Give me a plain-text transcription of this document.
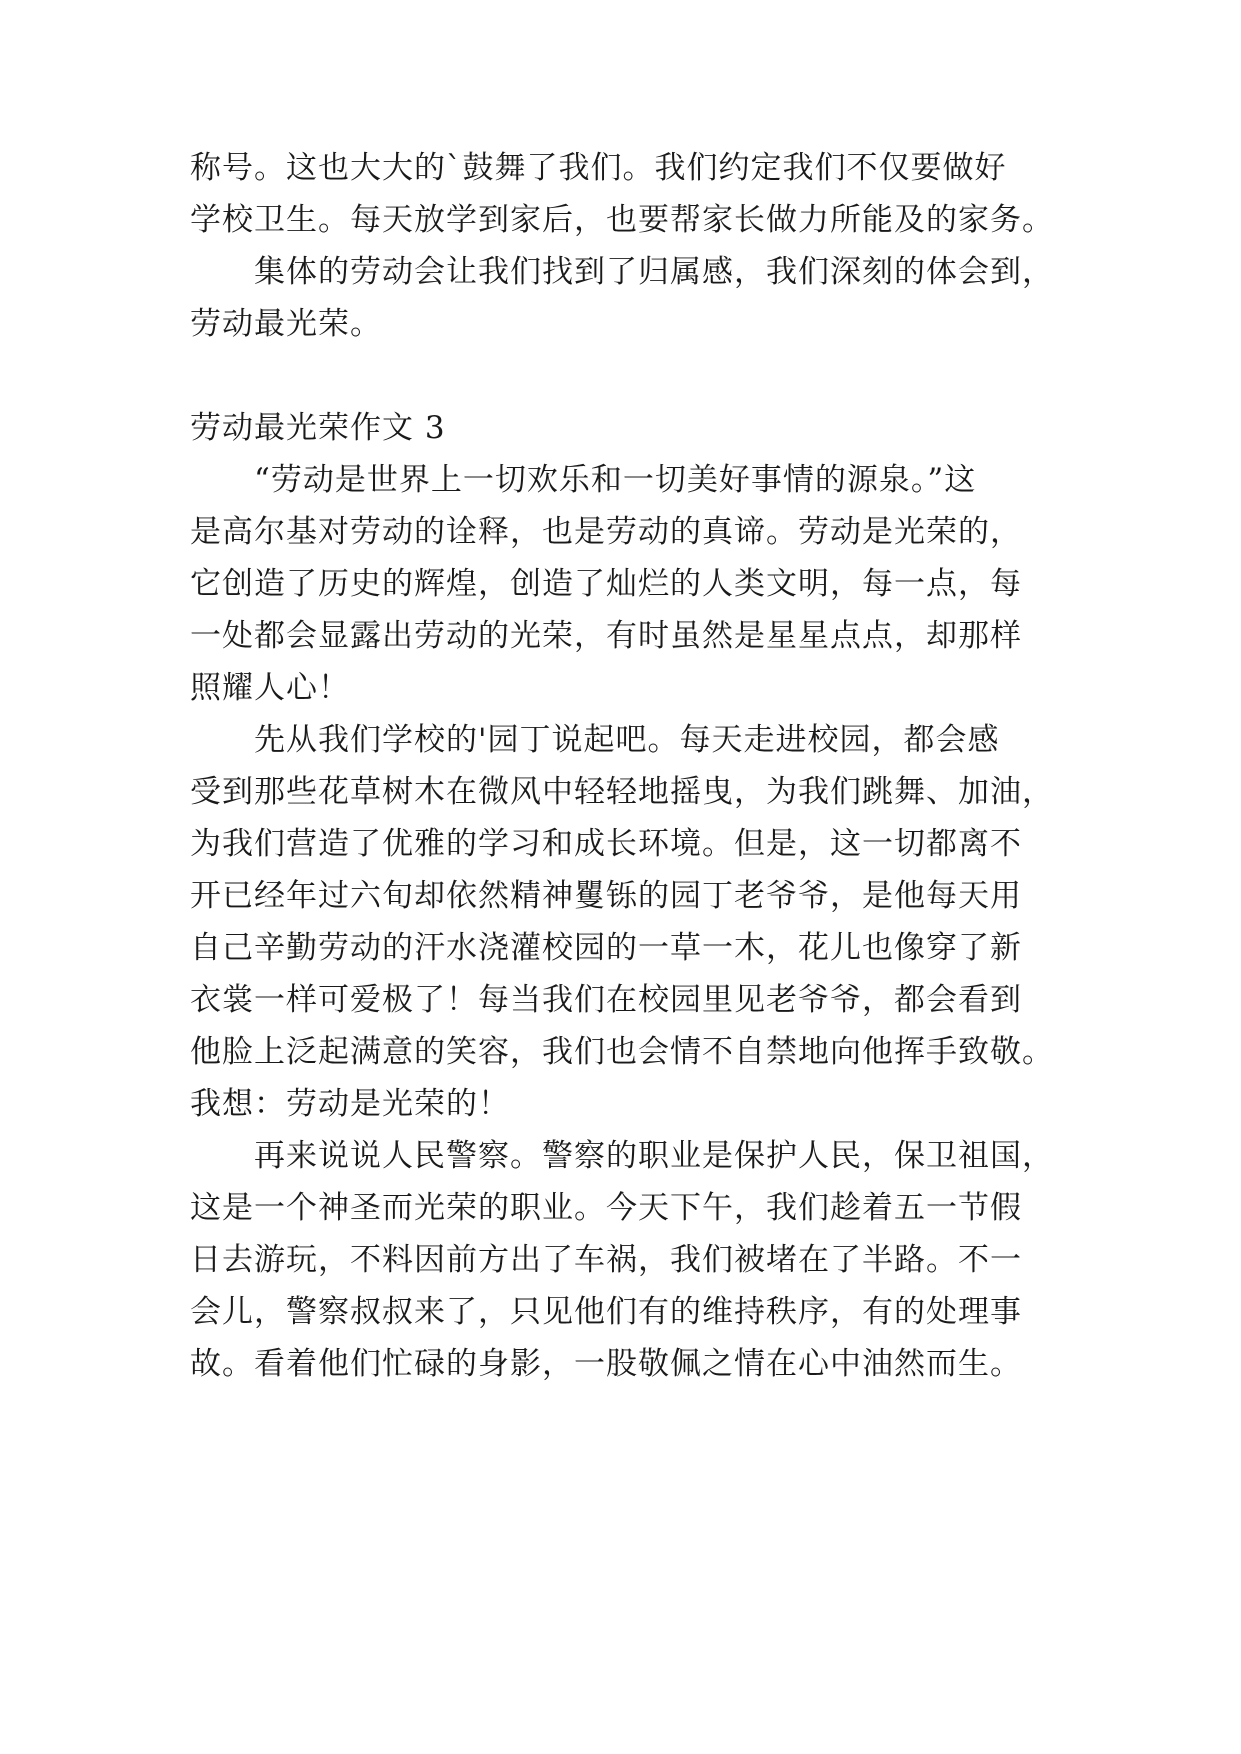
称号。这也大大的`鼓舞了我们。我们约定我们不仅要做好
学校卫生。每天放学到家后，也要帮家长做力所能及的家务。
集体的劳动会让我们找到了归属感，我们深刻的体会到，
劳动最光荣。
劳动最光荣作文 3
“劳动是世界上一切欢乐和一切美好事情的源泉。”这
是高尔基对劳动的诠释，也是劳动的真谛。劳动是光荣的，
它创造了历史的辉煌，创造了灿烂的人类文明，每一点，每
一处都会显露出劳动的光荣，有时虽然是星星点点，却那样
照耀人心！
先从我们学校的'园丁说起吧。每天走进校园，都会感
受到那些花草树木在微风中轻轻地摇曳，为我们跳舞、加油，
为我们营造了优雅的学习和成长环境。但是，这一切都离不
开已经年过六旬却依然精神矍铄的园丁老爷爷，是他每天用
自己辛勤劳动的汗水浇灌校园的一草一木，花儿也像穿了新
衣裳一样可爱极了！每当我们在校园里见老爷爷，都会看到
他脸上泛起满意的笑容，我们也会情不自禁地向他挥手致敬。
我想：劳动是光荣的！
再来说说人民警察。警察的职业是保护人民，保卫祖国，
这是一个神圣而光荣的职业。今天下午，我们趁着五一节假
日去游玩，不料因前方出了车祸，我们被堵在了半路。不一
会儿，警察叔叔来了，只见他们有的维持秩序，有的处理事
故。看着他们忙碌的身影，一股敬佩之情在心中油然而生。
